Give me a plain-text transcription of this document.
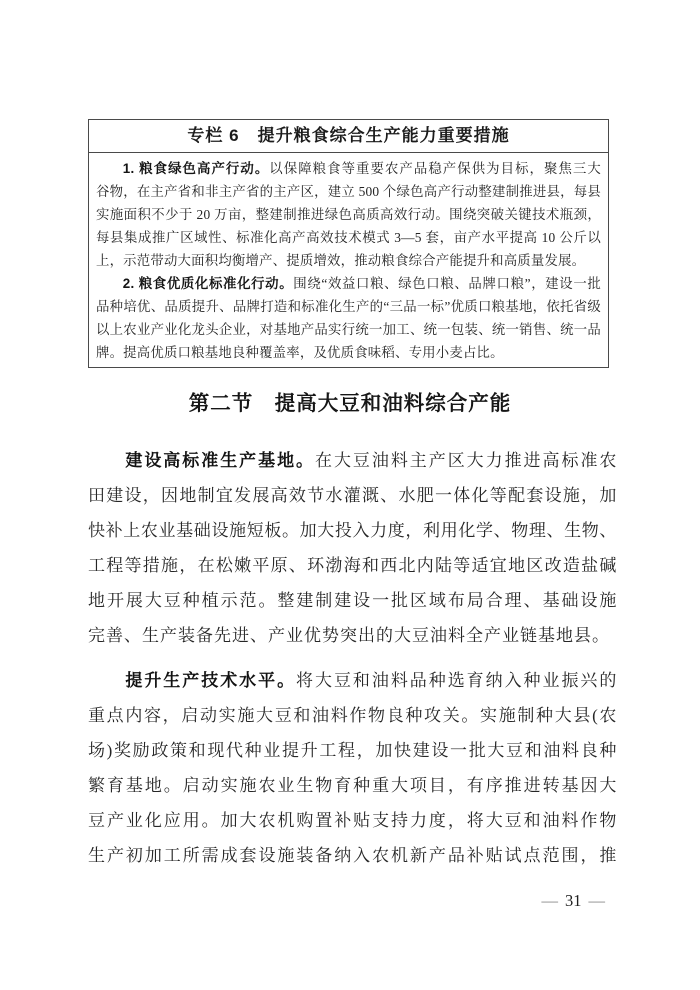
专栏 6　提升粮食综合生产能力重要措施
1. 粮食绿色高产行动。以保障粮食等重要农产品稳产保供为目标，聚焦三大
谷物，在主产省和非主产省的主产区，建立 500 个绿色高产行动整建制推进县，每县
实施面积不少于 20 万亩，整建制推进绿色高质高效行动。围绕突破关键技术瓶颈，
每县集成推广区域性、标准化高产高效技术模式 3—5 套，亩产水平提高 10 公斤以
上，示范带动大面积均衡增产、提质增效，推动粮食综合产能提升和高质量发展。
2. 粮食优质化标准化行动。围绕“效益口粮、绿色口粮、品牌口粮”，建设一批
品种培优、品质提升、品牌打造和标准化生产的“三品一标”优质口粮基地，依托省级
以上农业产业化龙头企业，对基地产品实行统一加工、统一包装、统一销售、统一品
牌。提高优质口粮基地良种覆盖率，及优质食味稻、专用小麦占比。
第二节　提高大豆和油料综合产能
建设高标准生产基地。在大豆油料主产区大力推进高标准农
田建设，因地制宜发展高效节水灌溉、水肥一体化等配套设施，加
快补上农业基础设施短板。加大投入力度，利用化学、物理、生物、
工程等措施，在松嫩平原、环渤海和西北内陆等适宜地区改造盐碱
地开展大豆种植示范。整建制建设一批区域布局合理、基础设施
完善、生产装备先进、产业优势突出的大豆油料全产业链基地县。
提升生产技术水平。将大豆和油料品种选育纳入种业振兴的
重点内容，启动实施大豆和油料作物良种攻关。实施制种大县(农
场)奖励政策和现代种业提升工程，加快建设一批大豆和油料良种
繁育基地。启动实施农业生物育种重大项目，有序推进转基因大
豆产业化应用。加大农机购置补贴支持力度，将大豆和油料作物
生产初加工所需成套设施装备纳入农机新产品补贴试点范围，推
— 31 —
